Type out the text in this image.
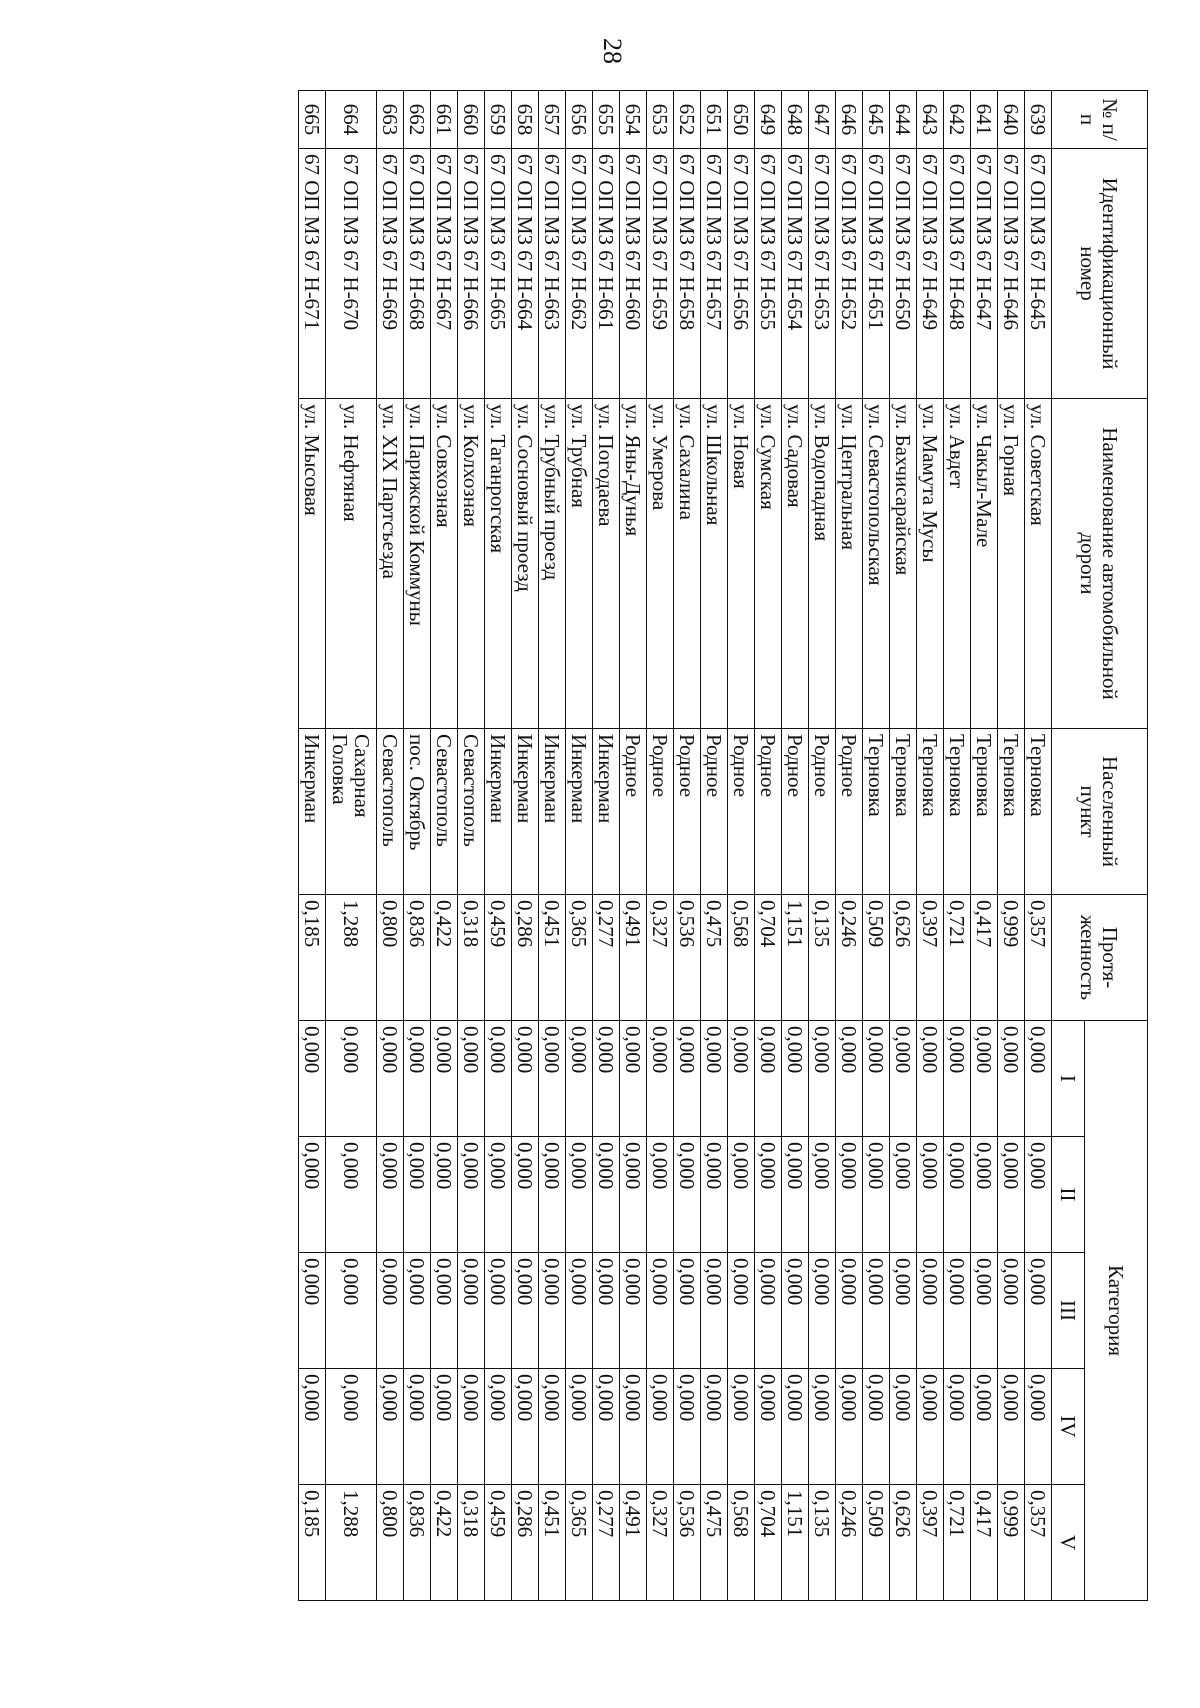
28
№ п/п	Идентификационный номер	Наименование автомобильной дороги	Населенный пункт	Протя- женность	Категория				
					I	II	III	IV	V
639	67 ОП МЗ 67 Н-645	ул. Советская	Терновка	0,357	0,000	0,000	0,000	0,000	0,357
640	67 ОП МЗ 67 Н-646	ул. Горная	Терновка	0,999	0,000	0,000	0,000	0,000	0,999
641	67 ОП МЗ 67 Н-647	ул. Чакыл-Мале	Терновка	0,417	0,000	0,000	0,000	0,000	0,417
642	67 ОП МЗ 67 Н-648	ул. Авдет	Терновка	0,721	0,000	0,000	0,000	0,000	0,721
643	67 ОП МЗ 67 Н-649	ул. Мамута Мусы	Терновка	0,397	0,000	0,000	0,000	0,000	0,397
644	67 ОП МЗ 67 Н-650	ул. Бахчисарайская	Терновка	0,626	0,000	0,000	0,000	0,000	0,626
645	67 ОП МЗ 67 Н-651	ул. Севастопольская	Терновка	0,509	0,000	0,000	0,000	0,000	0,509
646	67 ОП МЗ 67 Н-652	ул. Центральная	Родное	0,246	0,000	0,000	0,000	0,000	0,246
647	67 ОП МЗ 67 Н-653	ул. Водопадная	Родное	0,135	0,000	0,000	0,000	0,000	0,135
648	67 ОП МЗ 67 Н-654	ул. Садовая	Родное	1,151	0,000	0,000	0,000	0,000	1,151
649	67 ОП МЗ 67 Н-655	ул. Сумская	Родное	0,704	0,000	0,000	0,000	0,000	0,704
650	67 ОП МЗ 67 Н-656	ул. Новая	Родное	0,568	0,000	0,000	0,000	0,000	0,568
651	67 ОП МЗ 67 Н-657	ул. Школьная	Родное	0,475	0,000	0,000	0,000	0,000	0,475
652	67 ОП МЗ 67 Н-658	ул. Сахалина	Родное	0,536	0,000	0,000	0,000	0,000	0,536
653	67 ОП МЗ 67 Н-659	ул. Умерова	Родное	0,327	0,000	0,000	0,000	0,000	0,327
654	67 ОП МЗ 67 Н-660	ул. Яны-Дунья	Родное	0,491	0,000	0,000	0,000	0,000	0,491
655	67 ОП МЗ 67 Н-661	ул. Погодаева	Инкерман	0,277	0,000	0,000	0,000	0,000	0,277
656	67 ОП МЗ 67 Н-662	ул. Трубная	Инкерман	0,365	0,000	0,000	0,000	0,000	0,365
657	67 ОП МЗ 67 Н-663	ул. Трубный проезд	Инкерман	0,451	0,000	0,000	0,000	0,000	0,451
658	67 ОП МЗ 67 Н-664	ул. Сосновый проезд	Инкерман	0,286	0,000	0,000	0,000	0,000	0,286
659	67 ОП МЗ 67 Н-665	ул. Таганрогская	Инкерман	0,459	0,000	0,000	0,000	0,000	0,459
660	67 ОП МЗ 67 Н-666	ул. Колхозная	Севастополь	0,318	0,000	0,000	0,000	0,000	0,318
661	67 ОП МЗ 67 Н-667	ул. Совхозная	Севастополь	0,422	0,000	0,000	0,000	0,000	0,422
662	67 ОП МЗ 67 Н-668	ул. Парижской Коммуны	пос. Октябрь	0,836	0,000	0,000	0,000	0,000	0,836
663	67 ОП МЗ 67 Н-669	ул. XIX Партсъезда	Севастополь	0,800	0,000	0,000	0,000	0,000	0,800
664	67 ОП МЗ 67 Н-670	ул. Нефтяная	Сахарная Головка	1,288	0,000	0,000	0,000	0,000	1,288
665	67 ОП МЗ 67 Н-671	ул. Мысовая	Инкерман	0,185	0,000	0,000	0,000	0,000	0,185
